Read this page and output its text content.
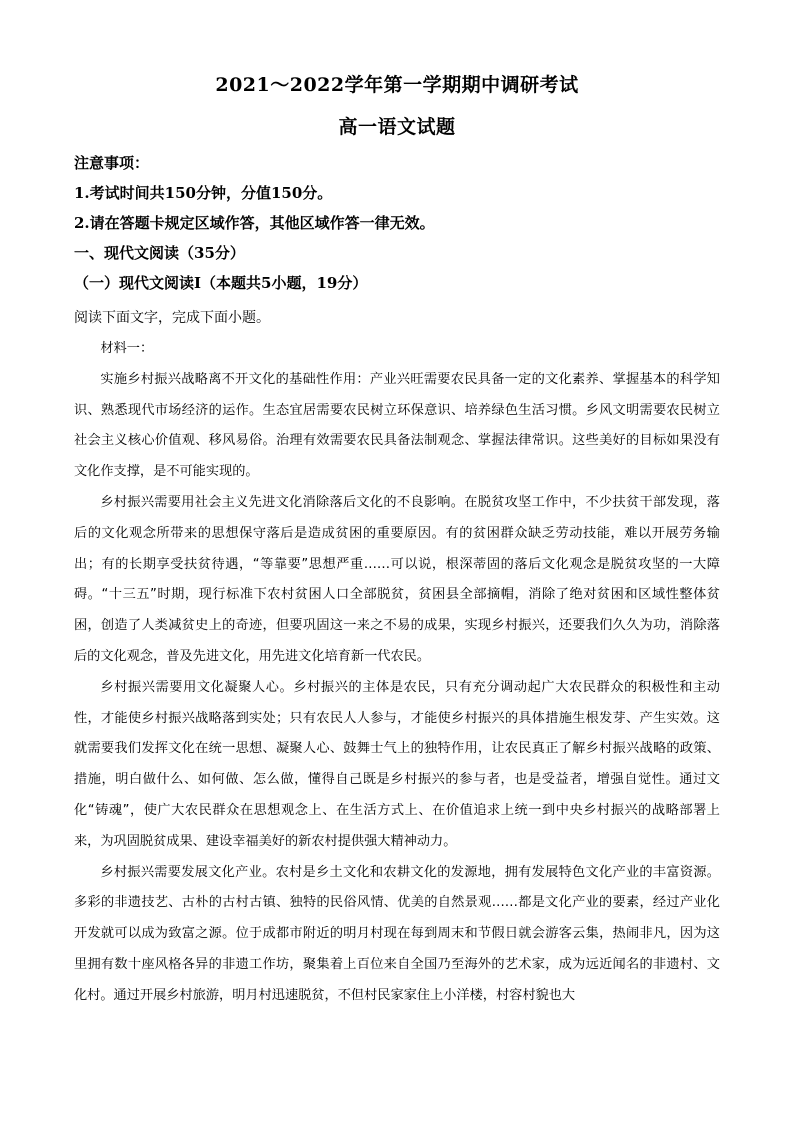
2021～2022学年第一学期期中调研考试
高一语文试题
注意事项：
1.考试时间共150分钟，分值150分。
2.请在答题卡规定区域作答，其他区域作答一律无效。
一、现代文阅读（35分）
（一）现代文阅读Ⅰ（本题共5小题，19分）
阅读下面文字，完成下面小题。

材料一：

实施乡村振兴战略离不开文化的基础性作用：产业兴旺需要农民具备一定的文化素养、掌握基本的科学知识、熟悉现代市场经济的运作。生态宜居需要农民树立环保意识、培养绿色生活习惯。乡风文明需要农民树立社会主义核心价值观、移风易俗。治理有效需要农民具备法制观念、掌握法律常识。这些美好的目标如果没有文化作支撑，是不可能实现的。

乡村振兴需要用社会主义先进文化消除落后文化的不良影响。在脱贫攻坚工作中，不少扶贫干部发现，落后的文化观念所带来的思想保守落后是造成贫困的重要原因。有的贫困群众缺乏劳动技能，难以开展劳务输出；有的长期享受扶贫待遇，“等靠要”思想严重……可以说，根深蒂固的落后文化观念是脱贫攻坚的一大障碍。“十三五”时期，现行标准下农村贫困人口全部脱贫，贫困县全部摘帽，消除了绝对贫困和区域性整体贫困，创造了人类减贫史上的奇迹，但要巩固这一来之不易的成果，实现乡村振兴，还要我们久久为功，消除落后的文化观念，普及先进文化，用先进文化培育新一代农民。

乡村振兴需要用文化凝聚人心。乡村振兴的主体是农民，只有充分调动起广大农民群众的积极性和主动性，才能使乡村振兴战略落到实处；只有农民人人参与，才能使乡村振兴的具体措施生根发芽、产生实效。这就需要我们发挥文化在统一思想、凝聚人心、鼓舞士气上的独特作用，让农民真正了解乡村振兴战略的政策、措施，明白做什么、如何做、怎么做，懂得自己既是乡村振兴的参与者，也是受益者，增强自觉性。通过文化“铸魂”，使广大农民群众在思想观念上、在生活方式上、在价值追求上统一到中央乡村振兴的战略部署上来，为巩固脱贫成果、建设幸福美好的新农村提供强大精神动力。

乡村振兴需要发展文化产业。农村是乡土文化和农耕文化的发源地，拥有发展特色文化产业的丰富资源。多彩的非遗技艺、古朴的古村古镇、独特的民俗风情、优美的自然景观……都是文化产业的要素，经过产业化开发就可以成为致富之源。位于成都市附近的明月村现在每到周末和节假日就会游客云集，热闹非凡，因为这里拥有数十座风格各异的非遗工作坊，聚集着上百位来自全国乃至海外的艺术家，成为远近闻名的非遗村、文化村。通过开展乡村旅游，明月村迅速脱贫，不但村民家家住上小洋楼，村容村貌也大
